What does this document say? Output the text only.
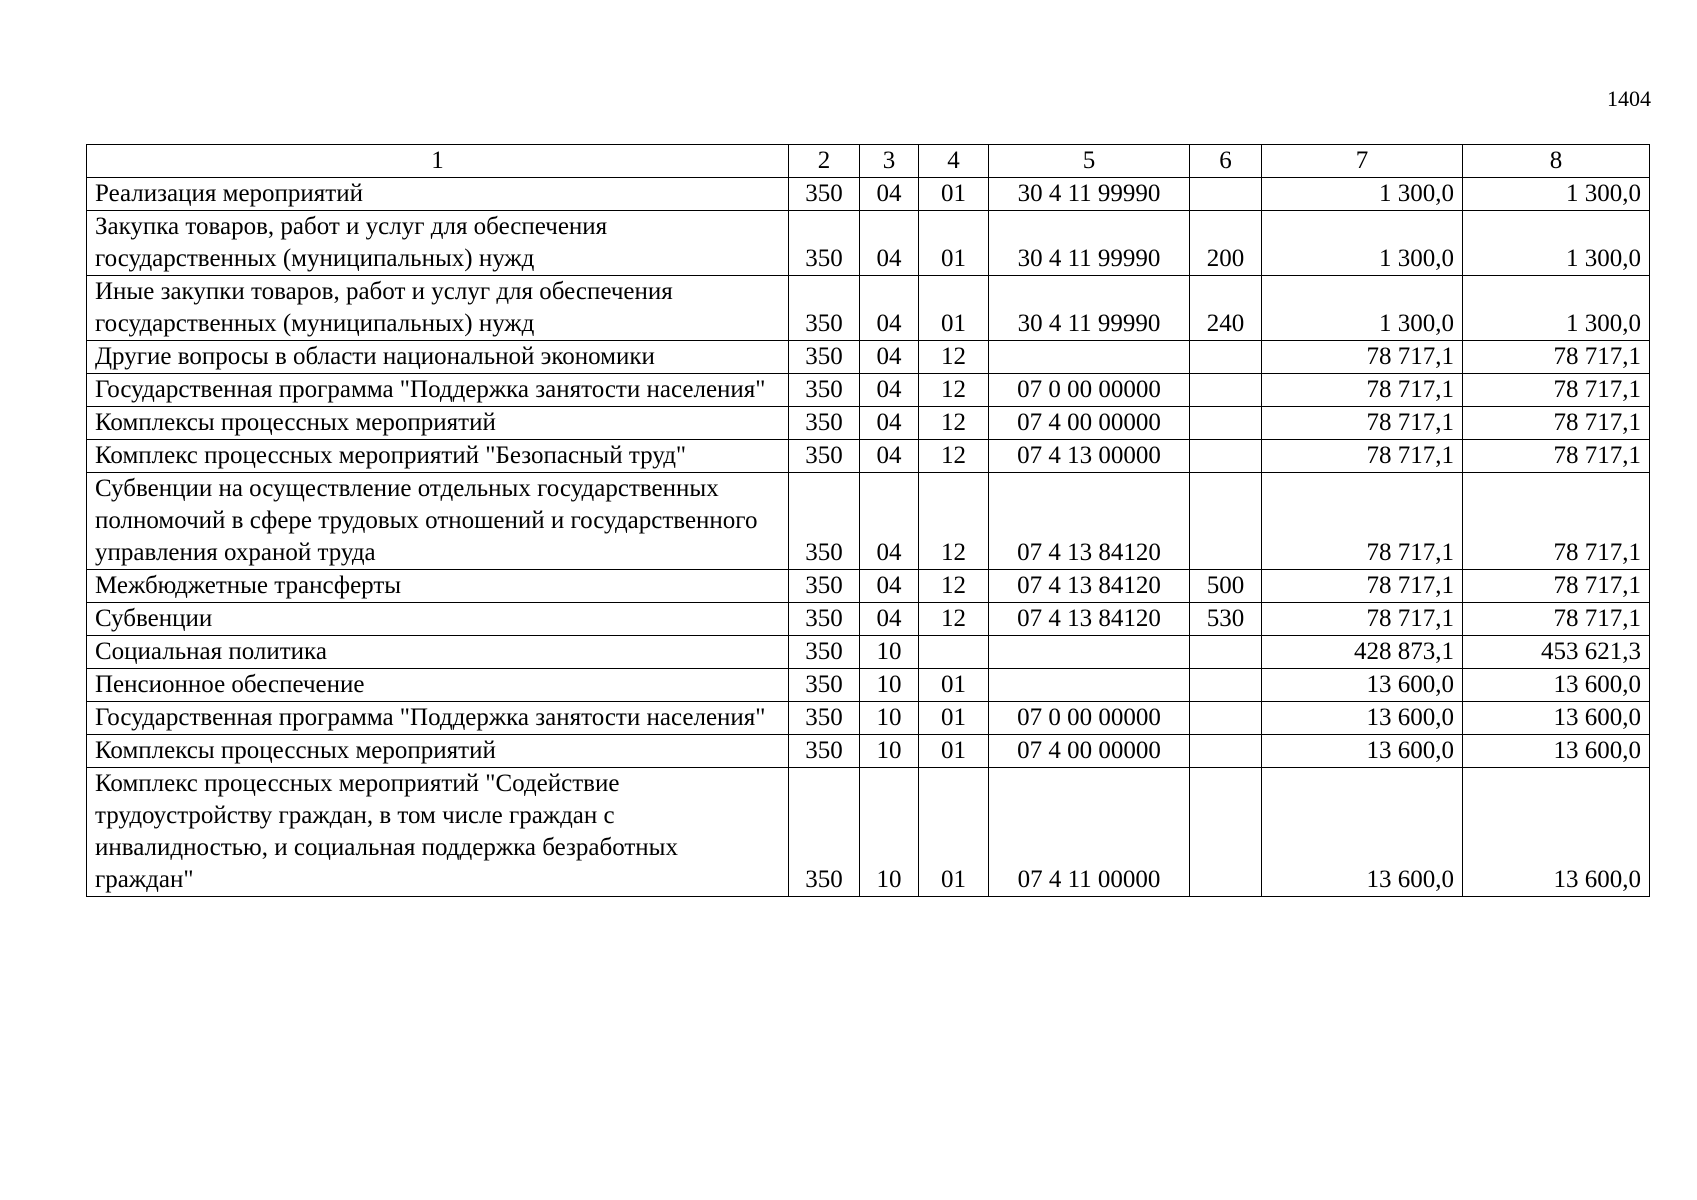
1404
1	2	3	4	5	6	7	8
Реализация мероприятий	350	04	01	30 4 11 99990		1 300,0	1 300,0
Закупка товаров, работ и услуг для обеспечения государственных (муниципальных) нужд	350	04	01	30 4 11 99990	200	1 300,0	1 300,0
Иные закупки товаров, работ и услуг для обеспечения государственных (муниципальных) нужд	350	04	01	30 4 11 99990	240	1 300,0	1 300,0
Другие вопросы в области национальной экономики	350	04	12			78 717,1	78 717,1
Государственная программа "Поддержка занятости населения"	350	04	12	07 0 00 00000		78 717,1	78 717,1
Комплексы процессных мероприятий	350	04	12	07 4 00 00000		78 717,1	78 717,1
Комплекс процессных мероприятий "Безопасный труд"	350	04	12	07 4 13 00000		78 717,1	78 717,1
Субвенции на осуществление отдельных государственных полномочий в сфере трудовых отношений и государственного управления охраной труда	350	04	12	07 4 13 84120		78 717,1	78 717,1
Межбюджетные трансферты	350	04	12	07 4 13 84120	500	78 717,1	78 717,1
Субвенции	350	04	12	07 4 13 84120	530	78 717,1	78 717,1
Социальная политика	350	10				428 873,1	453 621,3
Пенсионное обеспечение	350	10	01			13 600,0	13 600,0
Государственная программа "Поддержка занятости населения"	350	10	01	07 0 00 00000		13 600,0	13 600,0
Комплексы процессных мероприятий	350	10	01	07 4 00 00000		13 600,0	13 600,0
Комплекс процессных мероприятий "Содействие трудоустройству граждан, в том числе граждан с инвалидностью, и социальная поддержка безработных граждан"	350	10	01	07 4 11 00000		13 600,0	13 600,0
